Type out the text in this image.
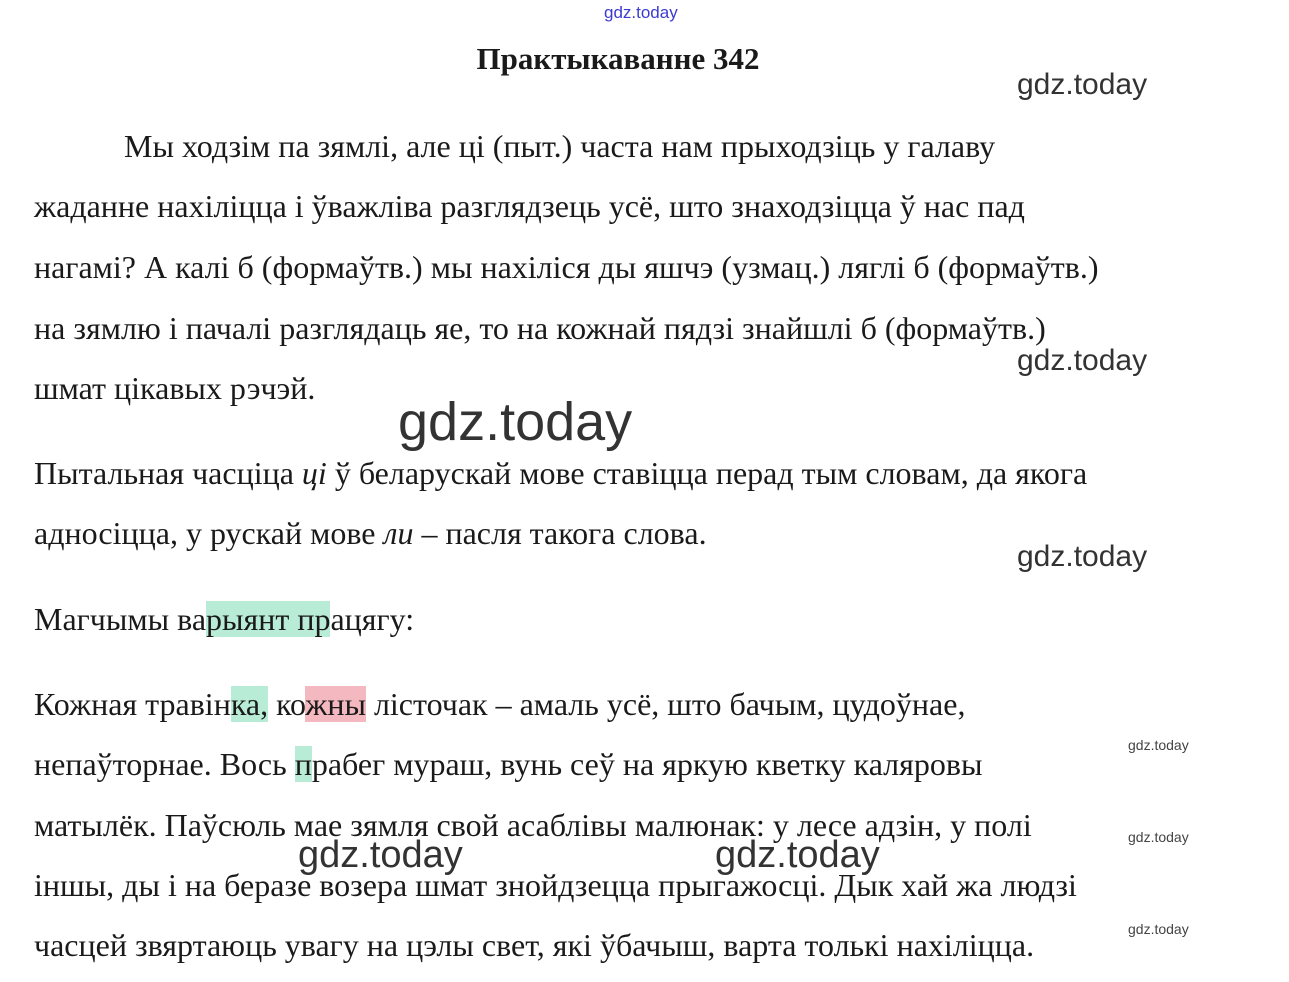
gdz.today
Практыкаванне 342
gdz.today
Мы ходзім па зямлі, але ці (пыт.) часта нам прыходзіць у галаву
жаданне нахіліцца і ўважліва разглядзець усё, што знаходзіцца ў нас пад
нагамі? А калі б (формаўтв.) мы нахіліся ды яшчэ (узмац.) ляглі б (формаўтв.)
на зямлю і пачалі разглядаць яе, то на кожнай пядзі знайшлі б (формаўтв.)
gdz.today
шмат цікавых рэчэй.
gdz.today
Пытальная часціца ці ў беларускай мове ставіцца перад тым словам, да якога
адносіцца, у рускай мове ли – пасля такога слова.
gdz.today
Магчымы варыянт працягу:
Кожная травінка, кожны лісточак – амаль усё, што бачым, цудоўнае,
gdz.today
непаўторнае. Вось прабег мураш, вунь сеў на яркую кветку каляровы
матылёк. Паўсюль мае зямля свой асаблівы малюнак: у лесе адзін, у полі	gdz.today
gdz.today	gdz.today
іншы, ды і на беразе возера шмат знойдзецца прыгажосці. Дык хай жа людзі
gdz.today
часцей звяртаюць увагу на цэлы свет, які ўбачыш, варта толькі нахіліцца.
